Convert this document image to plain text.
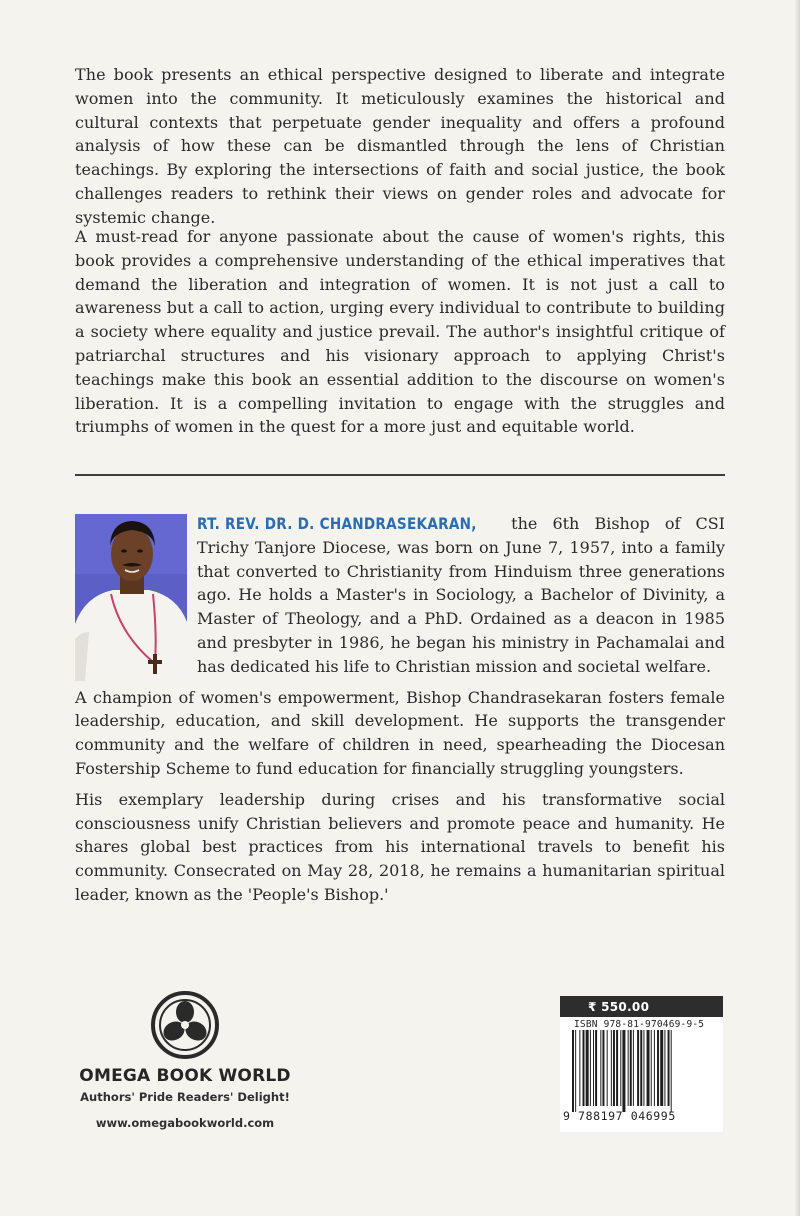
The book presents an ethical perspective designed to liberate and integrate women into the community. It meticulously examines the historical and cultural contexts that perpetuate gender inequality and offers a profound analysis of how these can be dismantled through the lens of Christian teachings. By exploring the intersections of faith and social justice, the book challenges readers to rethink their views on gender roles and advocate for systemic change.

A must-read for anyone passionate about the cause of women's rights, this book provides a comprehensive understanding of the ethical imperatives that demand the liberation and integration of women. It is not just a call to awareness but a call to action, urging every individual to contribute to building a society where equality and justice prevail. The author's insightful critique of patriarchal structures and his visionary approach to applying Christ's teachings make this book an essential addition to the discourse on women's liberation. It is a compelling invitation to engage with the struggles and triumphs of women in the quest for a more just and equitable world.

RT. REV. DR. D. CHANDRASEKARAN, the 6th Bishop of CSI Trichy Tanjore Diocese, was born on June 7, 1957, into a family that converted to Christianity from Hinduism three generations ago. He holds a Master's in Sociology, a Bachelor of Divinity, a Master of Theology, and a PhD. Ordained as a deacon in 1985 and presbyter in 1986, he began his ministry in Pachamalai and has dedicated his life to Christian mission and societal welfare.

A champion of women's empowerment, Bishop Chandrasekaran fosters female leadership, education, and skill development. He supports the transgender community and the welfare of children in need, spearheading the Diocesan Fostership Scheme to fund education for financially struggling youngsters.

His exemplary leadership during crises and his transformative social consciousness unify Christian believers and promote peace and humanity. He shares global best practices from his international travels to benefit his community. Consecrated on May 28, 2018, he remains a humanitarian spiritual leader, known as the 'People's Bishop.'

OMEGA BOOK WORLD
Authors' Pride Readers' Delight!
www.omegabookworld.com
₹ 550.00
ISBN 978-81-970469-9-5
9 788197 046995
